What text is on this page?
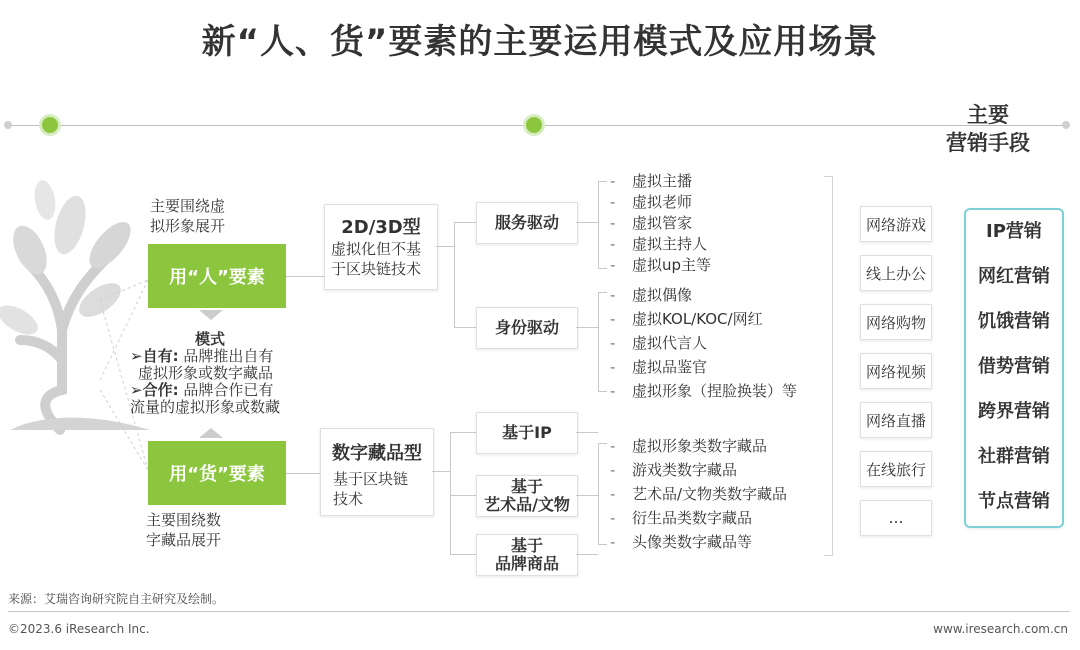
新“人、货”要素的主要运用模式及应用场景
主要
营销手段
主要围绕虚
拟形象展开
用“人”要素
模式
➢自有: 品牌推出自有
虚拟形象或数字藏品
➢合作: 品牌合作已有
流量的虚拟形象或数藏
用“货”要素
主要围绕数
字藏品展开
2D/3D型
虚拟化但不基
于区块链技术
数字藏品型
基于区块链
技术
服务驱动
身份驱动
基于IP
基于
艺术品/文物
基于
品牌商品
- 虚拟主播
- 虚拟老师
- 虚拟管家
- 虚拟主持人
- 虚拟up主等
- 虚拟偶像
- 虚拟KOL/KOC/网红
- 虚拟代言人
- 虚拟品鉴官
- 虚拟形象（捏脸换装）等
- 虚拟形象类数字藏品
- 游戏类数字藏品
- 艺术品/文物类数字藏品
- 衍生品类数字藏品
- 头像类数字藏品等
网络游戏
线上办公
网络购物
网络视频
网络直播
在线旅行
…
IP营销
网红营销
饥饿营销
借势营销
跨界营销
社群营销
节点营销
来源：艾瑞咨询研究院自主研究及绘制。
©2023.6 iResearch Inc.	www.iresearch.com.cn
